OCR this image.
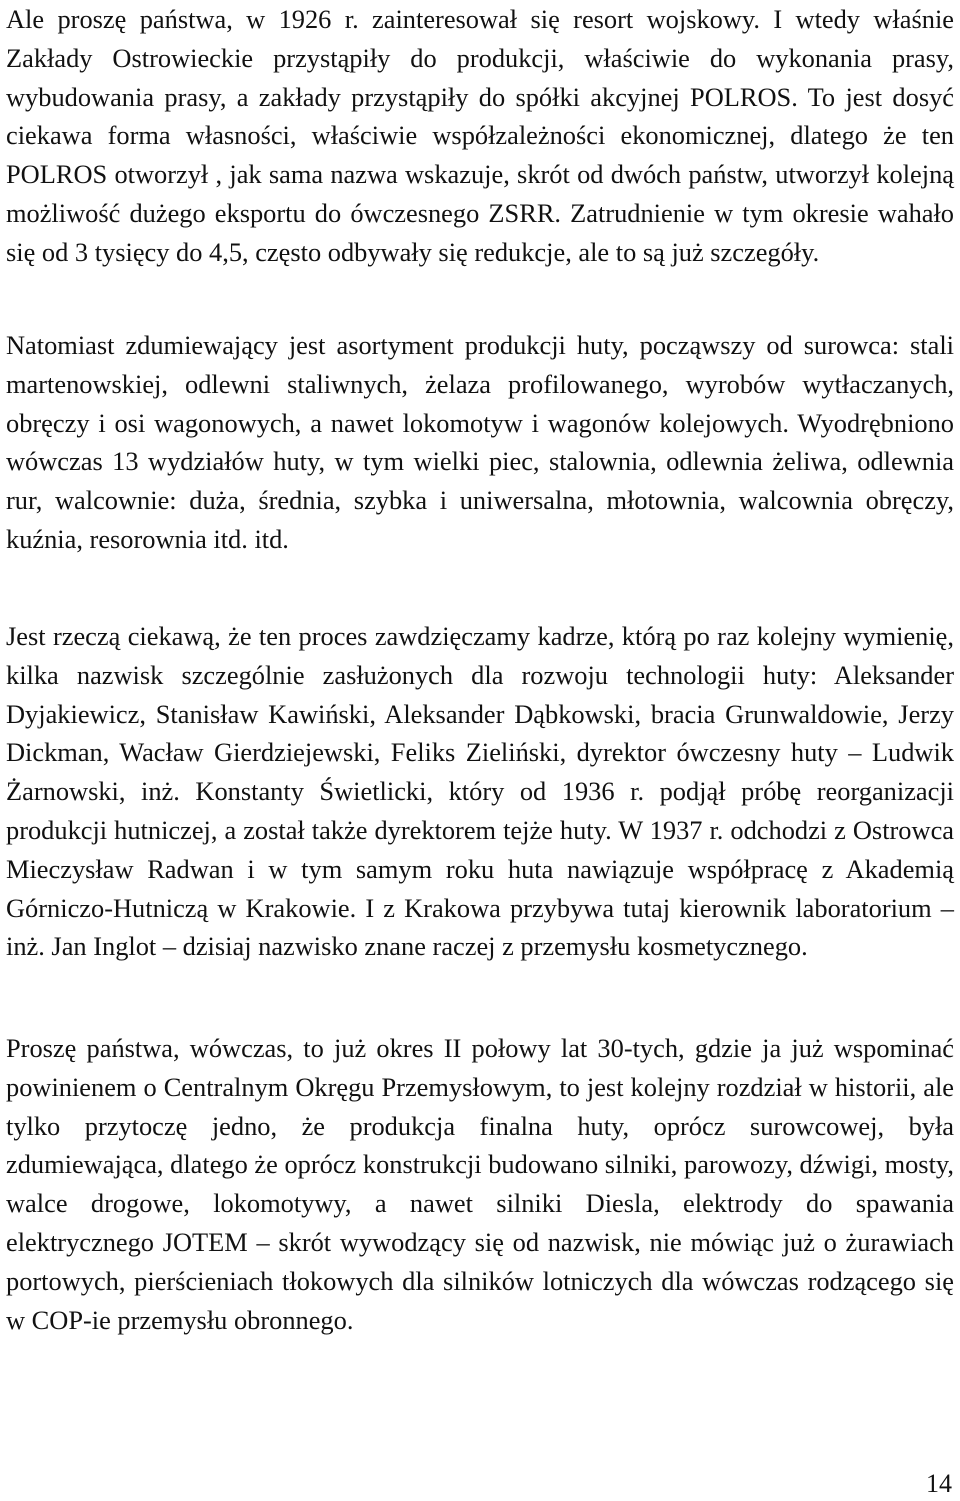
Ale proszę państwa, w 1926 r. zainteresował się resort wojskowy. I wtedy właśnie Zakłady Ostrowieckie przystąpiły do produkcji, właściwie do wykonania prasy, wybudowania prasy, a zakłady przystąpiły do spółki akcyjnej POLROS. To jest dosyć ciekawa forma własności, właściwie współzależności ekonomicznej, dlatego że ten POLROS otworzył , jak sama nazwa wskazuje, skrót od dwóch państw, utworzył kolejną możliwość dużego eksportu do ówczesnego ZSRR. Zatrudnienie w tym okresie wahało się od 3 tysięcy do 4,5, często odbywały się redukcje, ale to są już szczegóły.

Natomiast zdumiewający jest asortyment produkcji huty, począwszy od surowca: stali martenowskiej, odlewni staliwnych, żelaza profilowanego, wyrobów wytłaczanych, obręczy i osi wagonowych, a nawet lokomotyw i wagonów kolejowych. Wyodrębniono wówczas 13 wydziałów huty, w tym wielki piec, stalownia, odlewnia żeliwa, odlewnia rur, walcownie: duża, średnia, szybka i uniwersalna, młotownia, walcownia obręczy, kuźnia, resorownia itd. itd.

Jest rzeczą ciekawą, że ten proces zawdzięczamy kadrze, którą po raz kolejny wymienię, kilka nazwisk szczególnie zasłużonych dla rozwoju technologii huty: Aleksander Dyjakiewicz, Stanisław Kawiński, Aleksander Dąbkowski, bracia Grunwaldowie, Jerzy Dickman, Wacław Gierdziejewski, Feliks Zieliński, dyrektor ówczesny huty – Ludwik Żarnowski, inż. Konstanty Świetlicki, który od 1936 r. podjął próbę reorganizacji produkcji hutniczej, a został także dyrektorem tejże huty. W 1937 r. odchodzi z Ostrowca Mieczysław Radwan i w tym samym roku huta nawiązuje współpracę z Akademią Górniczo-Hutniczą w Krakowie. I z Krakowa przybywa tutaj kierownik laboratorium – inż. Jan Inglot – dzisiaj nazwisko znane raczej z przemysłu kosmetycznego.

Proszę państwa, wówczas, to już okres II połowy lat 30-tych, gdzie ja już wspominać powinienem o Centralnym Okręgu Przemysłowym, to jest kolejny rozdział w historii, ale tylko przytoczę jedno, że produkcja finalna huty, oprócz surowcowej, była zdumiewająca, dlatego że oprócz konstrukcji budowano silniki, parowozy, dźwigi, mosty, walce drogowe, lokomotywy, a nawet silniki Diesla, elektrody do spawania elektrycznego JOTEM – skrót wywodzący się od nazwisk, nie mówiąc już o żurawiach portowych, pierścieniach tłokowych dla silników lotniczych dla wówczas rodzącego się w COP-ie przemysłu obronnego.

14
